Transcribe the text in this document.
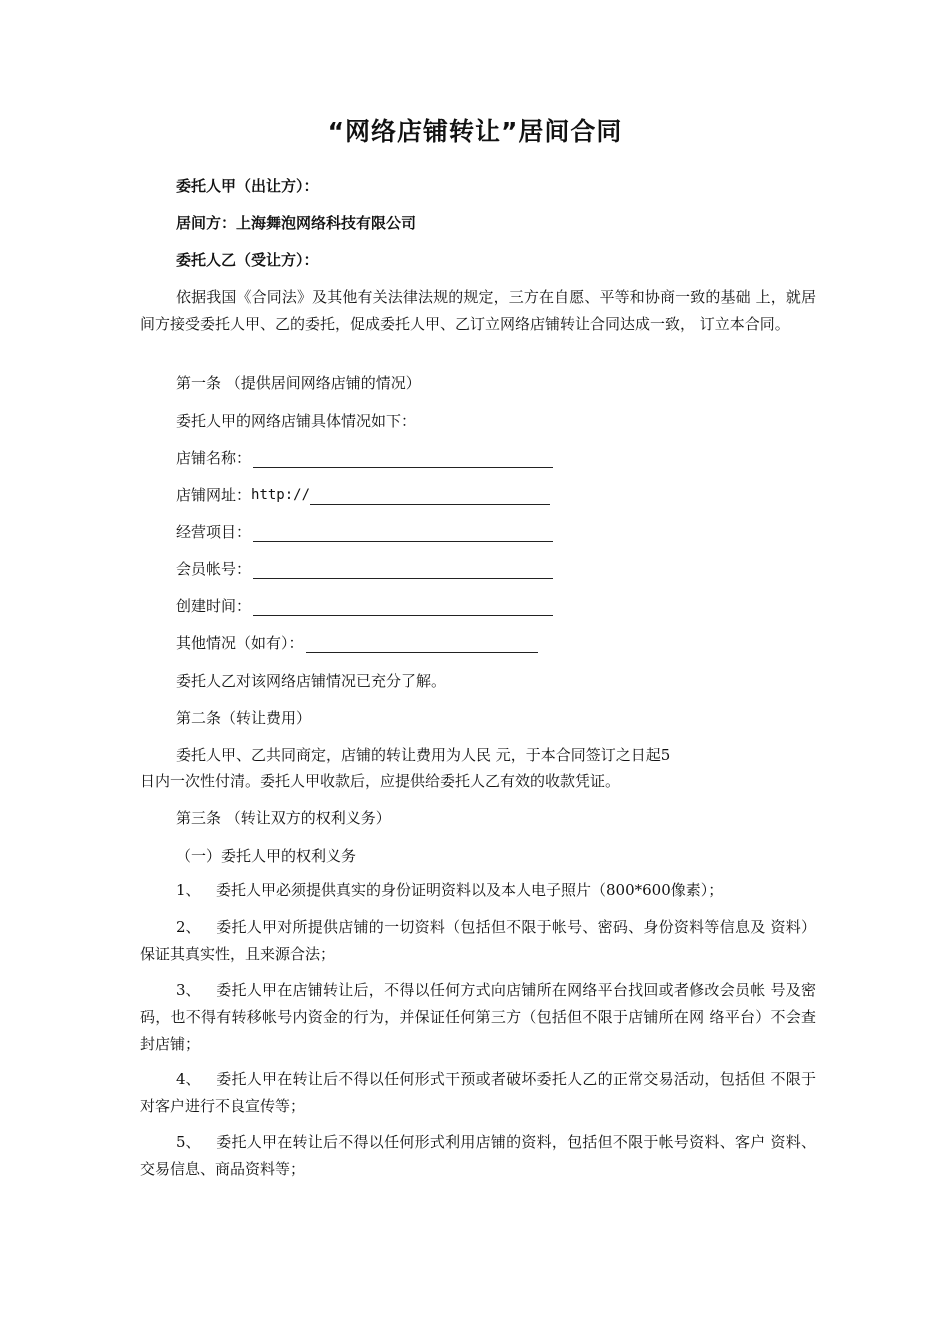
“网络店铺转让”居间合同
委托人甲（出让方）：
居间方：上海舞泡网络科技有限公司
委托人乙（受让方）：
依据我国《合同法》及其他有关法律法规的规定，三方在自愿、平等和协商一致的基础 上，就居间方接受委托人甲、乙的委托，促成委托人甲、乙订立网络店铺转让合同达成一致， 订立本合同。
第一条 （提供居间网络店铺的情况）
委托人甲的网络店铺具体情况如下：
店铺名称：
店铺网址： http://
经营项目：
会员帐号：
创建时间：
其他情况（如有）：
委托人乙对该网络店铺情况已充分了解。
第二条（转让费用）
委托人甲、乙共同商定，店铺的转让费用为人民 元，于本合同签订之日起5
日内一次性付清。委托人甲收款后，应提供给委托人乙有效的收款凭证。
第三条 （转让双方的权利义务）
（一）委托人甲的权利义务
1、 委托人甲必须提供真实的身份证明资料以及本人电子照片（800*600像素）；
2、 委托人甲对所提供店铺的一切资料（包括但不限于帐号、密码、身份资料等信息及 资料）保证其真实性，且来源合法；
3、 委托人甲在店铺转让后，不得以任何方式向店铺所在网络平台找回或者修改会员帐 号及密码，也不得有转移帐号内资金的行为，并保证任何第三方（包括但不限于店铺所在网 络平台）不会查封店铺；
4、 委托人甲在转让后不得以任何形式干预或者破坏委托人乙的正常交易活动，包括但 不限于对客户进行不良宣传等；
5、 委托人甲在转让后不得以任何形式利用店铺的资料，包括但不限于帐号资料、客户 资料、交易信息、商品资料等；
